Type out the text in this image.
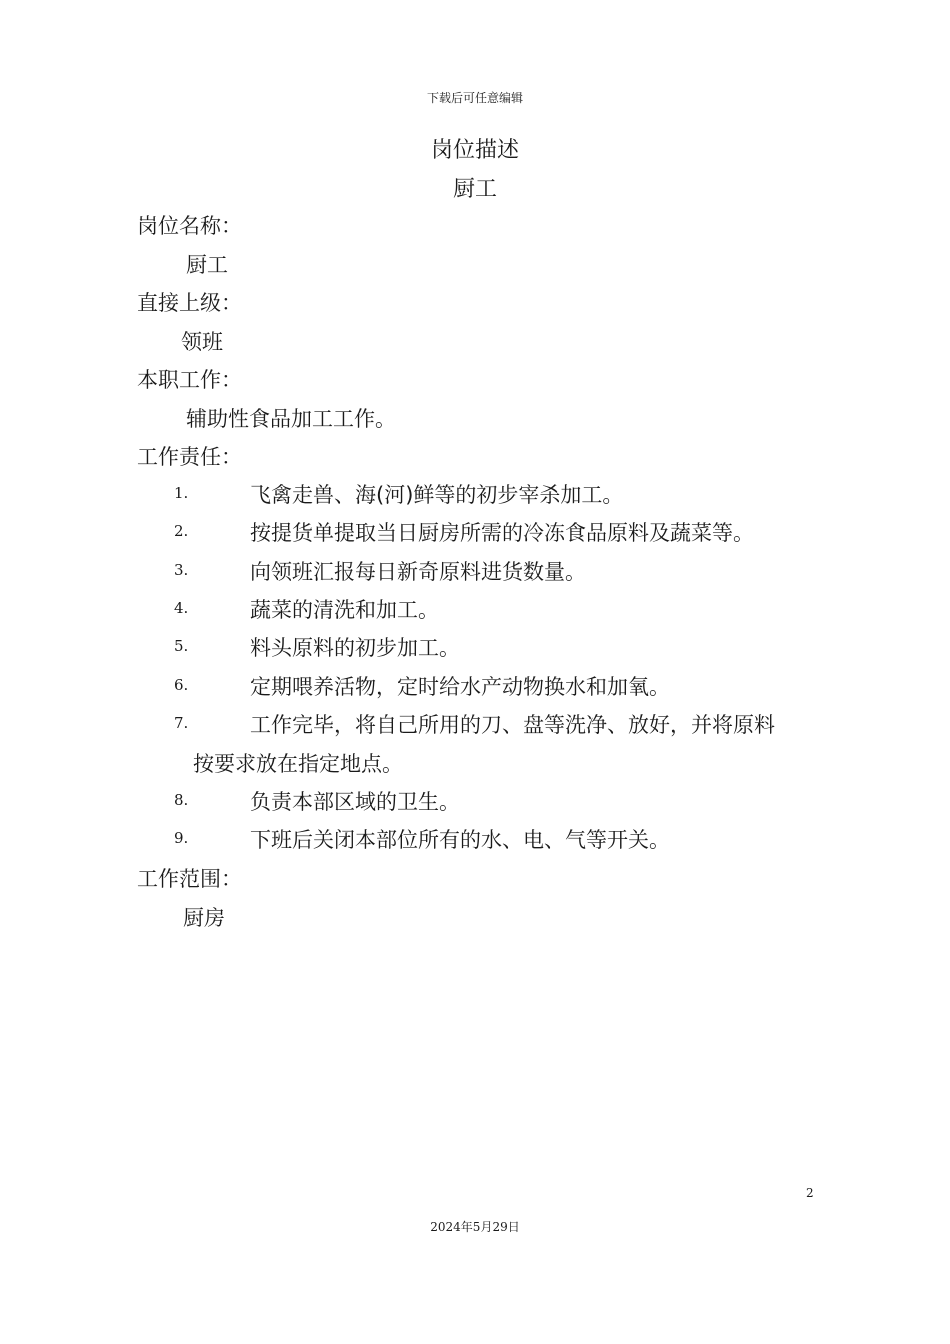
下载后可任意编辑
岗位描述
厨工
岗位名称：
厨工
直接上级：
领班
本职工作：
辅助性食品加工工作。
工作责任：
1.	飞禽走兽、海(河)鲜等的初步宰杀加工。
2.	按提货单提取当日厨房所需的冷冻食品原料及蔬菜等。
3.	向领班汇报每日新奇原料进货数量。
4.	蔬菜的清洗和加工。
5.	料头原料的初步加工。
6.	定期喂养活物，定时给水产动物换水和加氧。
7.	工作完毕，将自己所用的刀、盘等洗净、放好，并将原料
按要求放在指定地点。
8.	负责本部区域的卫生。
9.	下班后关闭本部位所有的水、电、气等开关。
工作范围：
厨房
2
2024年5月29日
